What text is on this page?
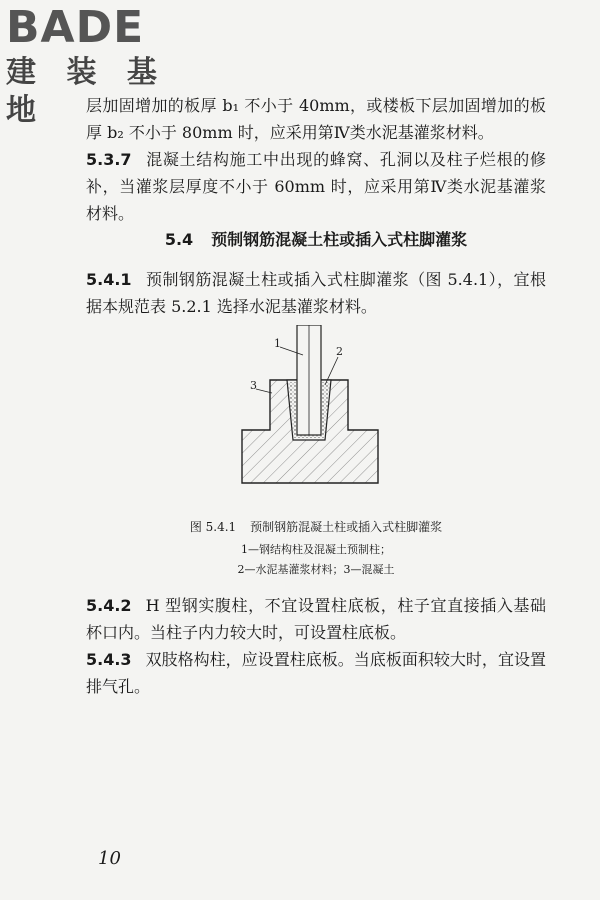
BADE
建 装 基 地	层加固增加的板厚 b₁ 不小于 40mm，或楼板下层加固增加的板厚 b₂ 不小于 80mm 时，应采用第Ⅳ类水泥基灌浆材料。

5.3.7 混凝土结构施工中出现的蜂窝、孔洞以及柱子烂根的修补，当灌浆层厚度不小于 60mm 时，应采用第Ⅳ类水泥基灌浆材料。

5.4 预制钢筋混凝土柱或插入式柱脚灌浆

5.4.1 预制钢筋混凝土柱或插入式柱脚灌浆（图 5.4.1），宜根据本规范表 5.2.1 选择水泥基灌浆材料。

1
2
3
图 5.4.1 预制钢筋混凝土柱或插入式柱脚灌浆
1—钢结构柱及混凝土预制柱；
2—水泥基灌浆材料；3—混凝土

5.4.2 H 型钢实腹柱，不宜设置柱底板，柱子宜直接插入基础杯口内。当柱子内力较大时，可设置柱底板。

5.4.3 双肢格构柱，应设置柱底板。当底板面积较大时，宜设置排气孔。

10
